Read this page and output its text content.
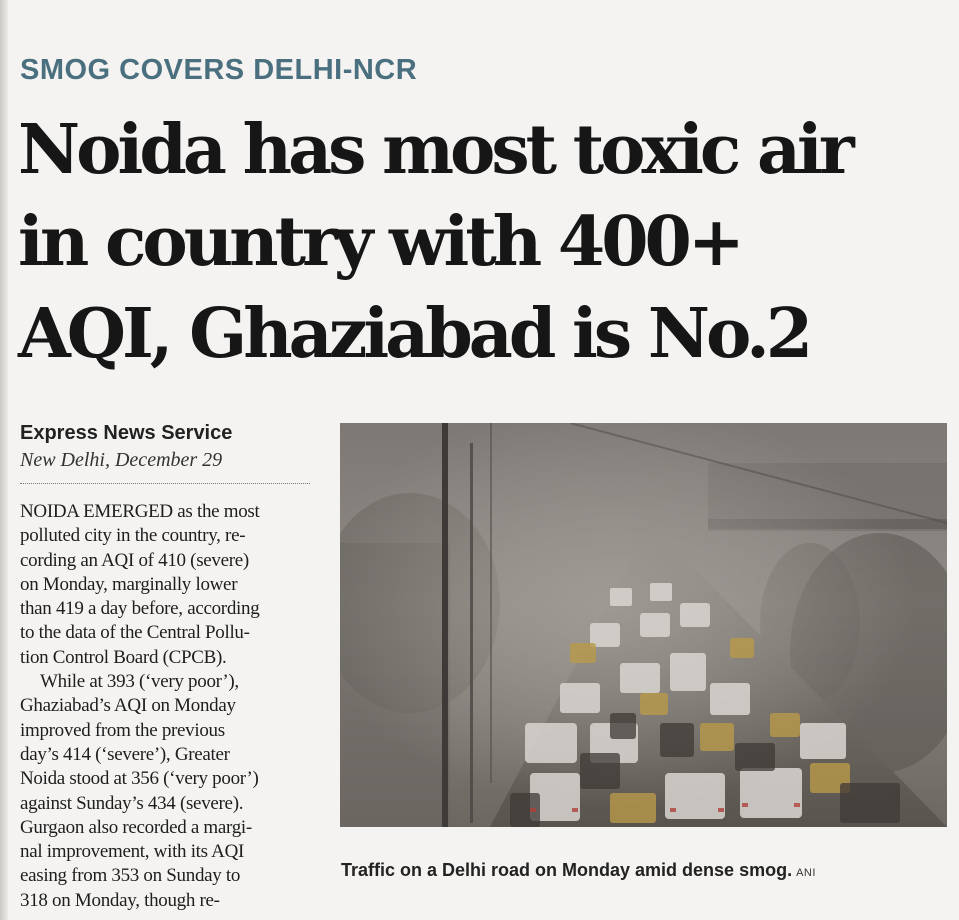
SMOG COVERS DELHI-NCR
Noida has most toxic air
in country with 400+
AQI, Ghaziabad is No.2
Express News Service
New Delhi, December 29
NOIDA EMERGED as the most
polluted city in the country, re-
cording an AQI of 410 (severe)
on Monday, marginally lower
than 419 a day before, according
to the data of the Central Pollu-
tion Control Board (CPCB).
While at 393 (‘very poor’),
Ghaziabad’s AQI on Monday
improved from the previous
day’s 414 (‘severe’), Greater
Noida stood at 356 (‘very poor’)
against Sunday’s 434 (severe).
Gurgaon also recorded a margi-
nal improvement, with its AQI
easing from 353 on Sunday to
318 on Monday, though re-
Traffic on a Delhi road on Monday amid dense smog. ANI
